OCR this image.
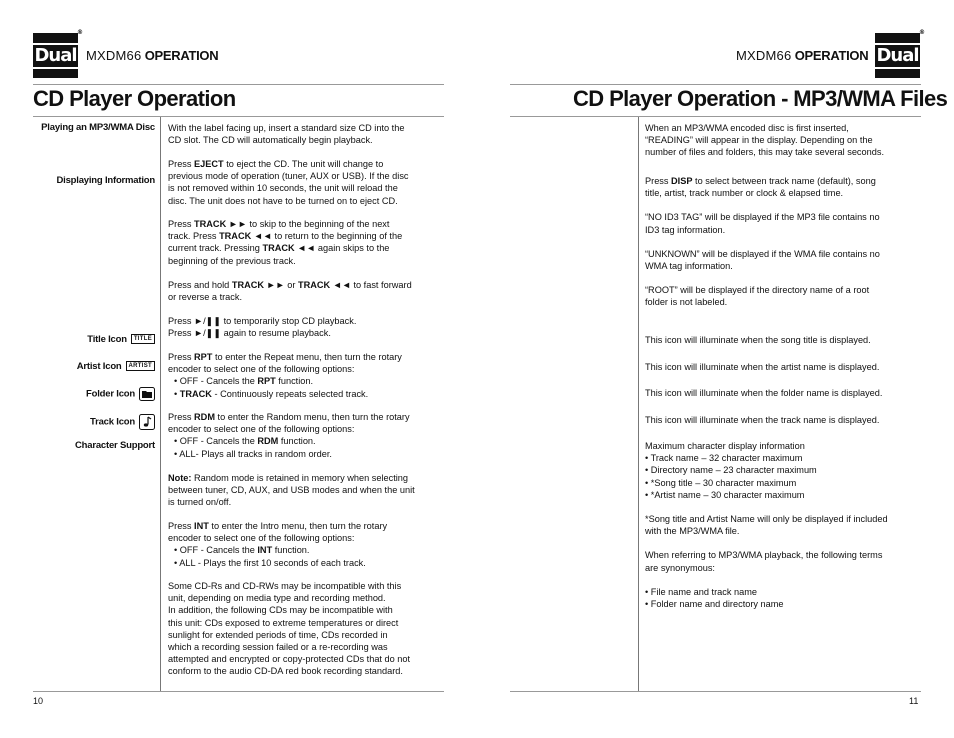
Dual
®
MXDM66 OPERATION
CD Player Operation

With the label facing up, insert a standard size CD into the

CD slot. The CD will automatically begin playback.

Press EJECT to eject the CD. The unit will change to

previous mode of operation (tuner, AUX or USB). If the disc

is not removed within 10 seconds, the unit will reload the

disc. The unit does not have to be turned on to eject CD.

Press TRACK ►► to skip to the beginning of the next

track. Press TRACK ◄◄ to return to the beginning of the

current track. Pressing TRACK ◄◄ again skips to the

beginning of the previous track.

Press and hold TRACK ►► or TRACK ◄◄ to fast forward

or reverse a track.

Press ►/❚❚ to temporarily stop CD playback.

Press ►/❚❚ again to resume playback.

Press RPT to enter the Repeat menu, then turn the rotary

encoder to select one of the following options:

• OFF - Cancels the RPT function.

• TRACK - Continuously repeats selected track.

Press RDM to enter the Random menu, then turn the rotary

encoder to select one of the following options:

• OFF - Cancels the RDM function.

• ALL- Plays all tracks in random order.

Note: Random mode is retained in memory when selecting

between tuner, CD, AUX, and USB modes and when the unit

is turned on/off.

Press INT to enter the Intro menu, then turn the rotary

encoder to select one of the following options:

• OFF - Cancels the INT function.

• ALL - Plays the first 10 seconds of each track.

Some CD-Rs and CD-RWs may be incompatible with this

unit, depending on media type and recording method.

In addition, the following CDs may be incompatible with

this unit: CDs exposed to extreme temperatures or direct

sunlight for extended periods of time, CDs recorded in

which a recording session failed or a re-recording was

attempted and encrypted or copy-protected CDs that do not

conform to the audio CD-DA red book recording standard.

10
Dual
®
MXDM66 OPERATION
CD Player Operation - MP3/WMA Files
Playing an MP3/WMA Disc	When an MP3/WMA encoded disc is first inserted,

“READING” will appear in the display. Depending on the

number of files and folders, this may take several seconds.

Displaying Information	Press DISP to select between track name (default), song

title, artist, track number or clock & elapsed time.

“NO ID3 TAG” will be displayed if the MP3 file contains no

ID3 tag information.

“UNKNOWN” will be displayed if the WMA file contains no

WMA tag information.

“ROOT” will be displayed if the directory name of a root

folder is not labeled.

Title Icon TITLE	This icon will illuminate when the song title is displayed.

Artist Icon ARTIST	This icon will illuminate when the artist name is displayed.

Folder Icon	This icon will illuminate when the folder name is displayed.

Track Icon	This icon will illuminate when the track name is displayed.

Character Support	Maximum character display information

• Track name – 32 character maximum

• Directory name – 23 character maximum

• *Song title – 30 character maximum

• *Artist name – 30 character maximum

*Song title and Artist Name will only be displayed if included

with the MP3/WMA file.

When referring to MP3/WMA playback, the following terms

are synonymous:

• File name and track name

• Folder name and directory name

11
